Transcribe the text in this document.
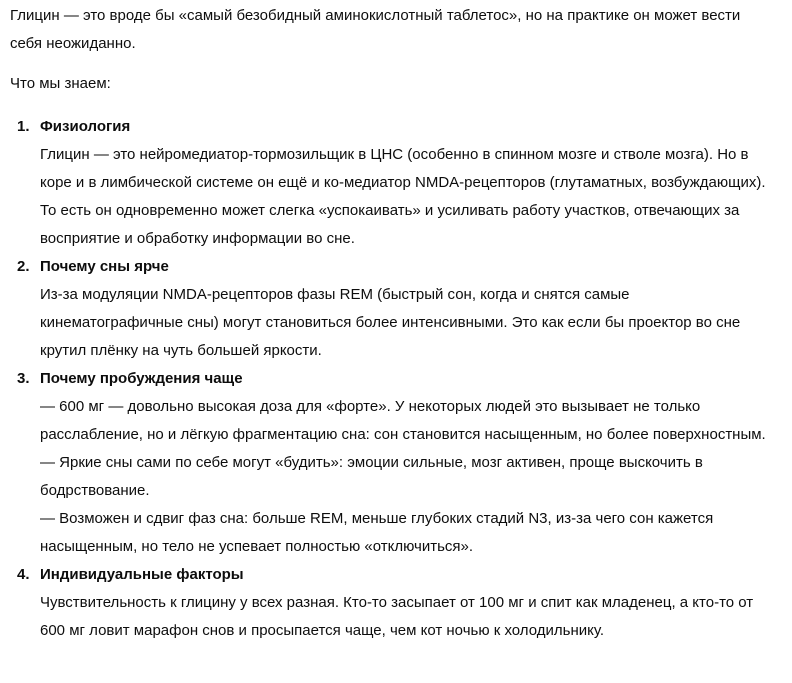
Глицин — это вроде бы «самый безобидный аминокислотный таблетос», но на практике он может вести себя неожиданно.

Что мы знаем:

1. Физиология
Глицин — это нейромедиатор-тормозильщик в ЦНС (особенно в спинном мозге и стволе мозга). Но в коре и в лимбической системе он ещё и ко-медиатор NMDA-рецепторов (глутаматных, возбуждающих). То есть он одновременно может слегка «успокаивать» и усиливать работу участков, отвечающих за восприятие и обработку информации во сне.
2. Почему сны ярче
Из-за модуляции NMDA-рецепторов фазы REM (быстрый сон, когда и снятся самые кинематографичные сны) могут становиться более интенсивными. Это как если бы проектор во сне крутил плёнку на чуть большей яркости.
3. Почему пробуждения чаще
— 600 мг — довольно высокая доза для «форте». У некоторых людей это вызывает не только расслабление, но и лёгкую фрагментацию сна: сон становится насыщенным, но более поверхностным.
— Яркие сны сами по себе могут «будить»: эмоции сильные, мозг активен, проще выскочить в бодрствование.
— Возможен и сдвиг фаз сна: больше REM, меньше глубоких стадий N3, из-за чего сон кажется насыщенным, но тело не успевает полностью «отключиться».
4. Индивидуальные факторы
Чувствительность к глицину у всех разная. Кто-то засыпает от 100 мг и спит как младенец, а кто-то от 600 мг ловит марафон снов и просыпается чаще, чем кот ночью к холодильнику.
